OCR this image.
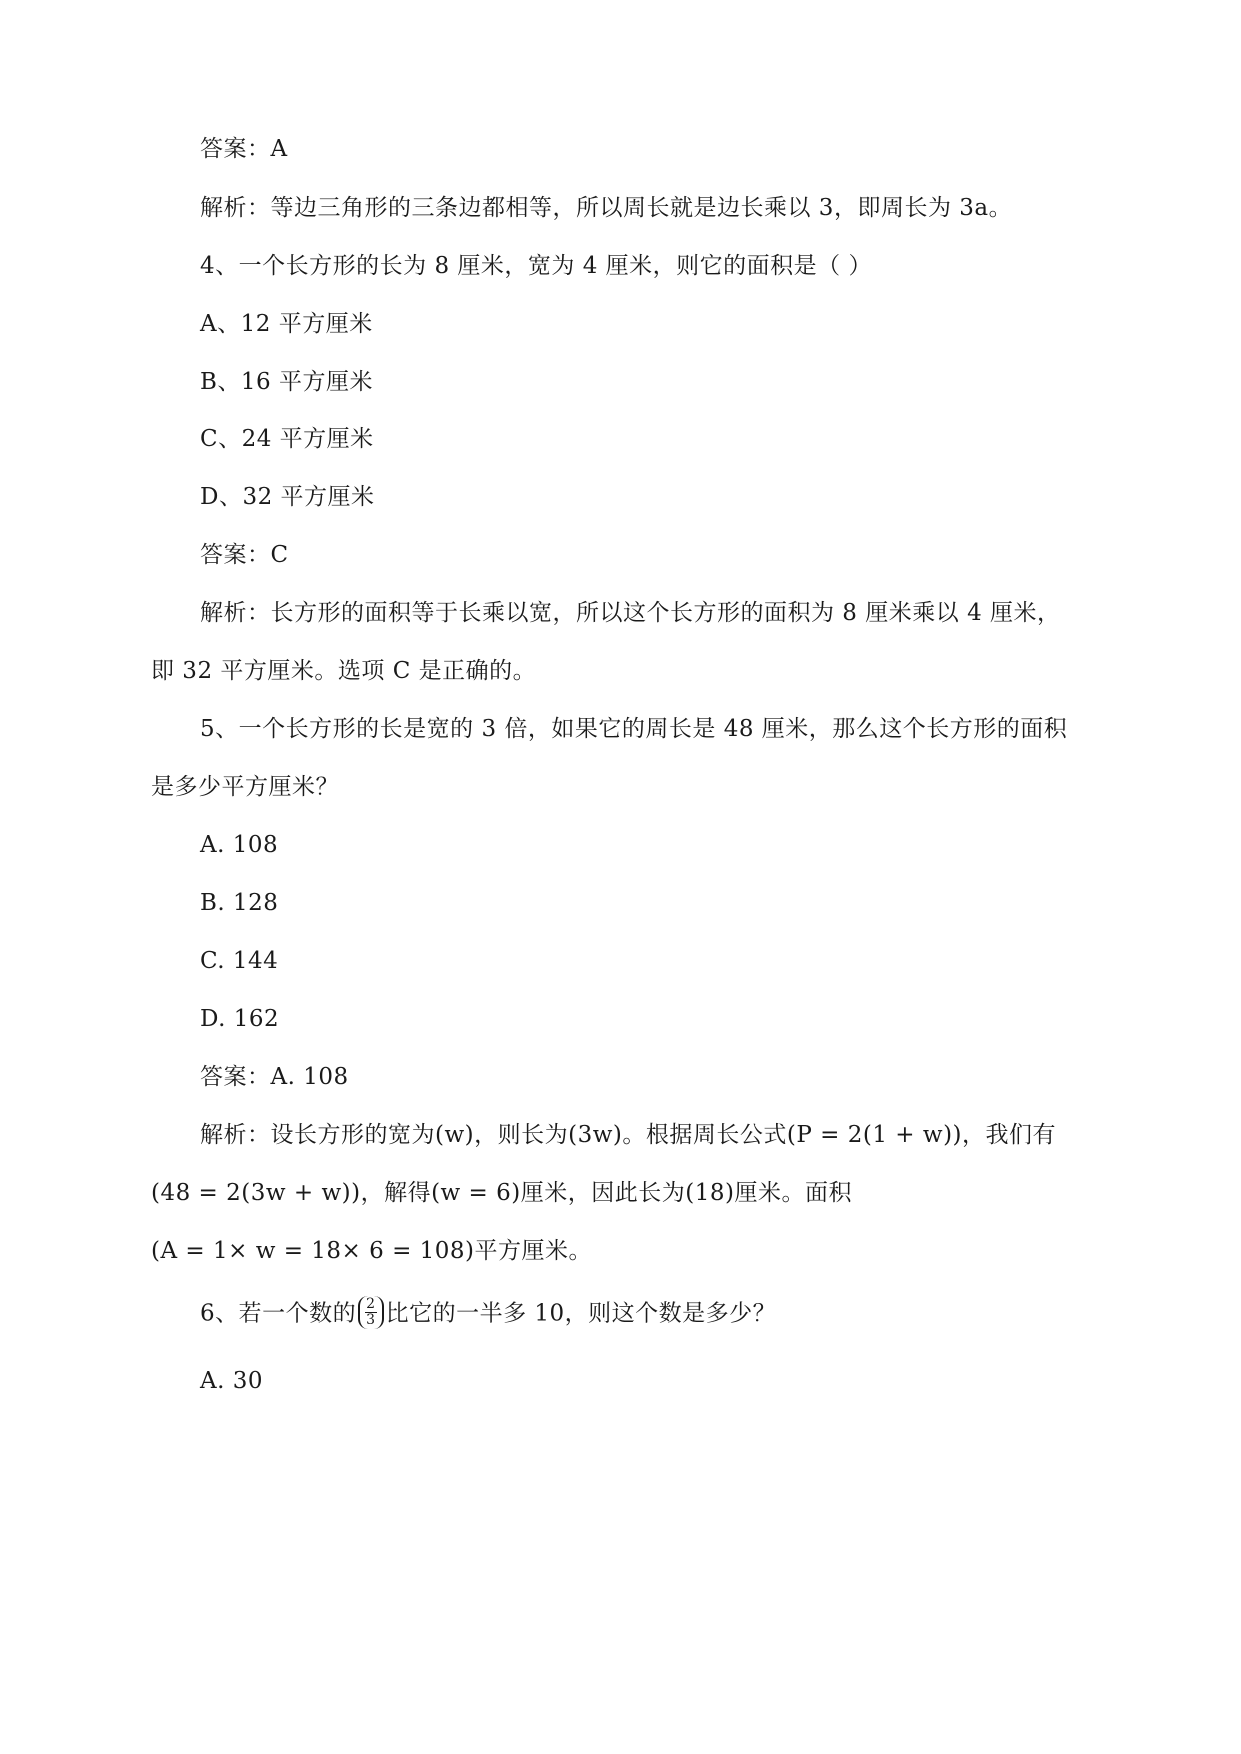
答案：A
解析：等边三角形的三条边都相等，所以周长就是边长乘以 3，即周长为 3a。
4、一个长方形的长为 8 厘米，宽为 4 厘米，则它的面积是（ ）
A、12 平方厘米
B、16 平方厘米
C、24 平方厘米
D、32 平方厘米
答案：C
解析：长方形的面积等于长乘以宽，所以这个长方形的面积为 8 厘米乘以 4 厘米，
即 32 平方厘米。选项 C 是正确的。
5、一个长方形的长是宽的 3 倍，如果它的周长是 48 厘米，那么这个长方形的面积
是多少平方厘米？
A. 108
B. 128
C. 144
D. 162
答案：A. 108
解析：设长方形的宽为(w)，则长为(3w)。根据周长公式(P = 2(1 + w))，我们有
(48 = 2(3w + w))，解得(w = 6)厘米，因此长为(18)厘米。面积
(A = 1× w = 18× 6 = 108)平方厘米。
6、若一个数的 $\frac{2}{3}$ 比它的一半多 10，则这个数是多少？
A. 30
